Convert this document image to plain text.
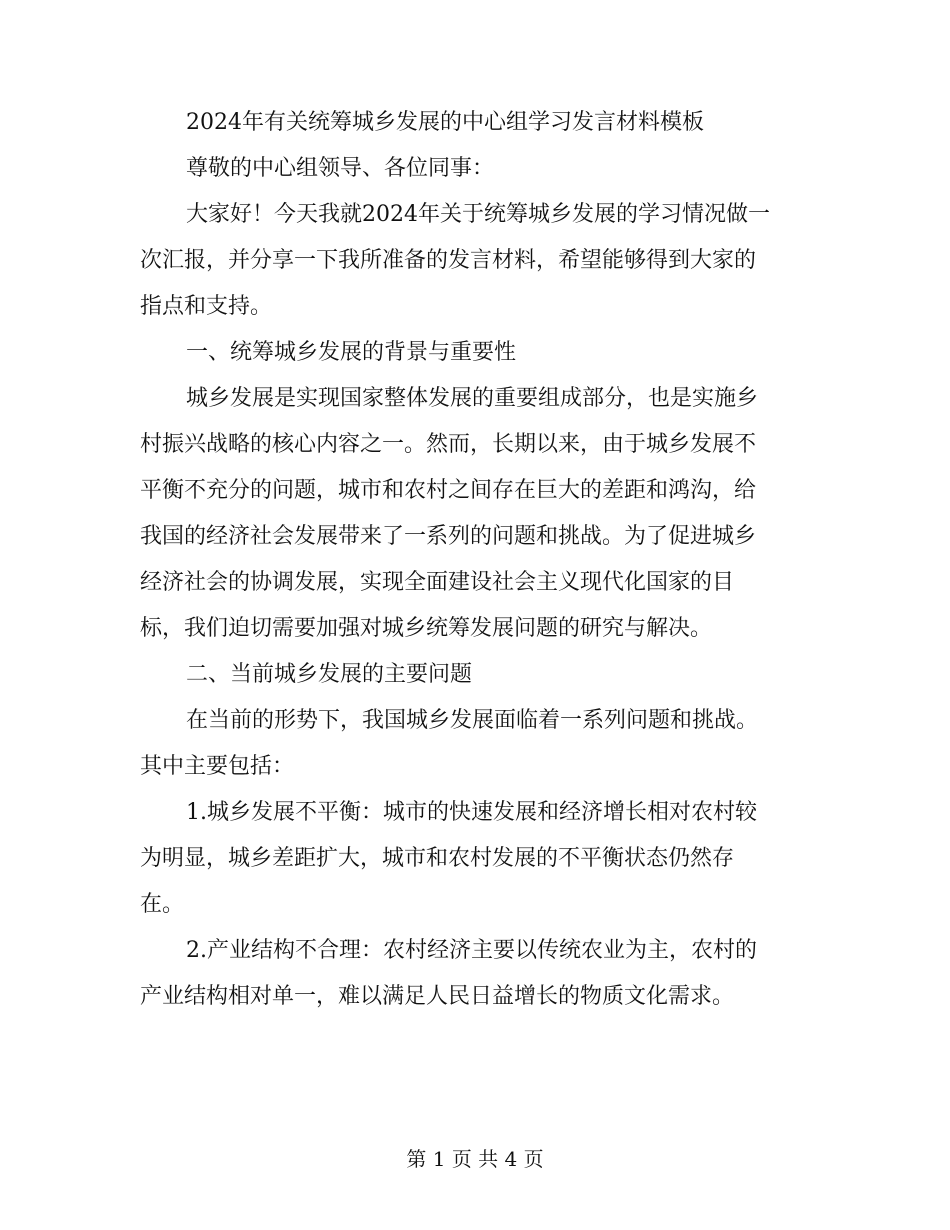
2024年有关统筹城乡发展的中心组学习发言材料模板

尊敬的中心组领导、各位同事：

大家好！今天我就2024年关于统筹城乡发展的学习情况做一

次汇报，并分享一下我所准备的发言材料，希望能够得到大家的

指点和支持。

一、统筹城乡发展的背景与重要性

城乡发展是实现国家整体发展的重要组成部分，也是实施乡

村振兴战略的核心内容之一。然而，长期以来，由于城乡发展不

平衡不充分的问题，城市和农村之间存在巨大的差距和鸿沟，给

我国的经济社会发展带来了一系列的问题和挑战。为了促进城乡

经济社会的协调发展，实现全面建设社会主义现代化国家的目

标，我们迫切需要加强对城乡统筹发展问题的研究与解决。

二、当前城乡发展的主要问题

在当前的形势下，我国城乡发展面临着一系列问题和挑战。

其中主要包括：

1.城乡发展不平衡：城市的快速发展和经济增长相对农村较

为明显，城乡差距扩大，城市和农村发展的不平衡状态仍然存

在。

2.产业结构不合理：农村经济主要以传统农业为主，农村的

产业结构相对单一，难以满足人民日益增长的物质文化需求。

第 1 页 共 4 页
